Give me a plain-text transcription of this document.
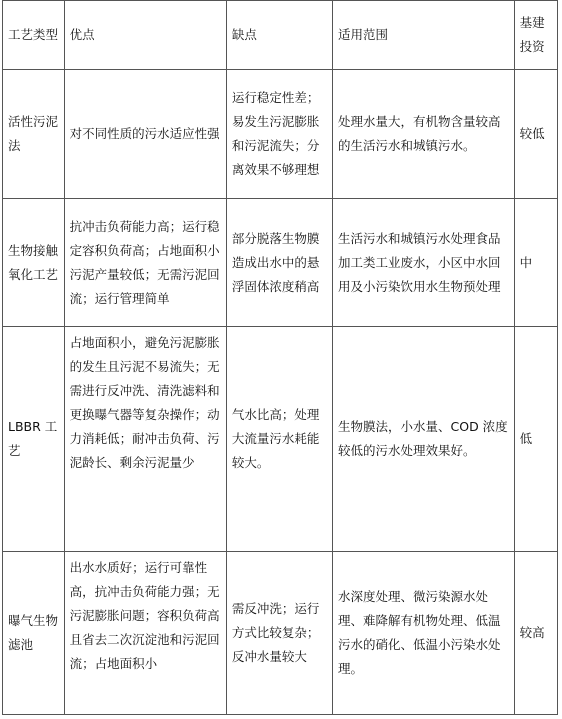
工艺类型	优点	缺点	适用范围	基建投资
活性污泥法	对不同性质的污水适应性强	运行稳定性差；易发生污泥膨胀和污泥流失；分离效果不够理想	处理水量大，有机物含量较高的生活污水和城镇污水。	较低
生物接触氧化工艺	抗冲击负荷能力高；运行稳定容积负荷高；占地面积小污泥产量较低；无需污泥回流；运行管理简单	部分脱落生物膜造成出水中的悬浮固体浓度稍高	生活污水和城镇污水处理食品加工类工业废水，小区中水回用及小污染饮用水生物预处理	中
LBBR 工艺	占地面积小，避免污泥膨胀的发生且污泥不易流失；无需进行反冲洗、清洗滤料和更换曝气器等复杂操作；动力消耗低；耐冲击负荷、污泥龄长、剩余污泥量少	气水比高；处理大流量污水耗能较大。	生物膜法，小水量、COD 浓度较低的污水处理效果好。	低
曝气生物滤池	出水水质好；运行可靠性高，抗冲击负荷能力强；无污泥膨胀问题；容积负荷高且省去二次沉淀池和污泥回流；占地面积小	需反冲洗；运行方式比较复杂；反冲水量较大	水深度处理、微污染源水处理、难降解有机物处理、低温污水的硝化、低温小污染水处理。	较高
